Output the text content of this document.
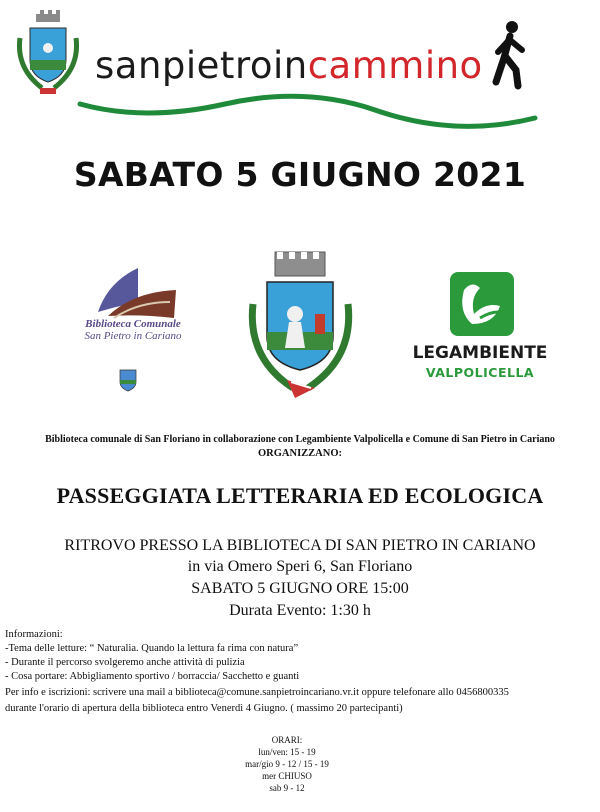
sanpietroincammino
SABATO 5 GIUGNO 2021
Biblioteca Comunale
San Pietro in Cariano
LEGAMBIENTE
VALPOLICELLA
Biblioteca comunale di San Floriano in collaborazione con Legambiente Valpolicella e Comune di San Pietro in Cariano
ORGANIZZANO:
PASSEGGIATA LETTERARIA ED ECOLOGICA
RITROVO PRESSO LA BIBLIOTECA DI SAN PIETRO IN CARIANO
in via Omero Speri 6, San Floriano
SABATO 5 GIUGNO ORE 15:00
Durata Evento: 1:30 h
Informazioni:
-Tema delle letture: “ Naturalia. Quando la lettura fa rima con natura”
- Durante il percorso svolgeremo anche attività di pulizia
- Cosa portare: Abbigliamento sportivo / borraccia/ Sacchetto e guanti
Per info e iscrizioni: scrivere una mail a biblioteca@comune.sanpietroincariano.vr.it oppure telefonare allo 0456800335
durante l'orario di apertura della biblioteca entro Venerdì 4 Giugno. ( massimo 20 partecipanti)
ORARI:
lun/ven: 15 - 19
mar/gio 9 - 12 / 15 - 19
mer CHIUSO
sab 9 - 12
